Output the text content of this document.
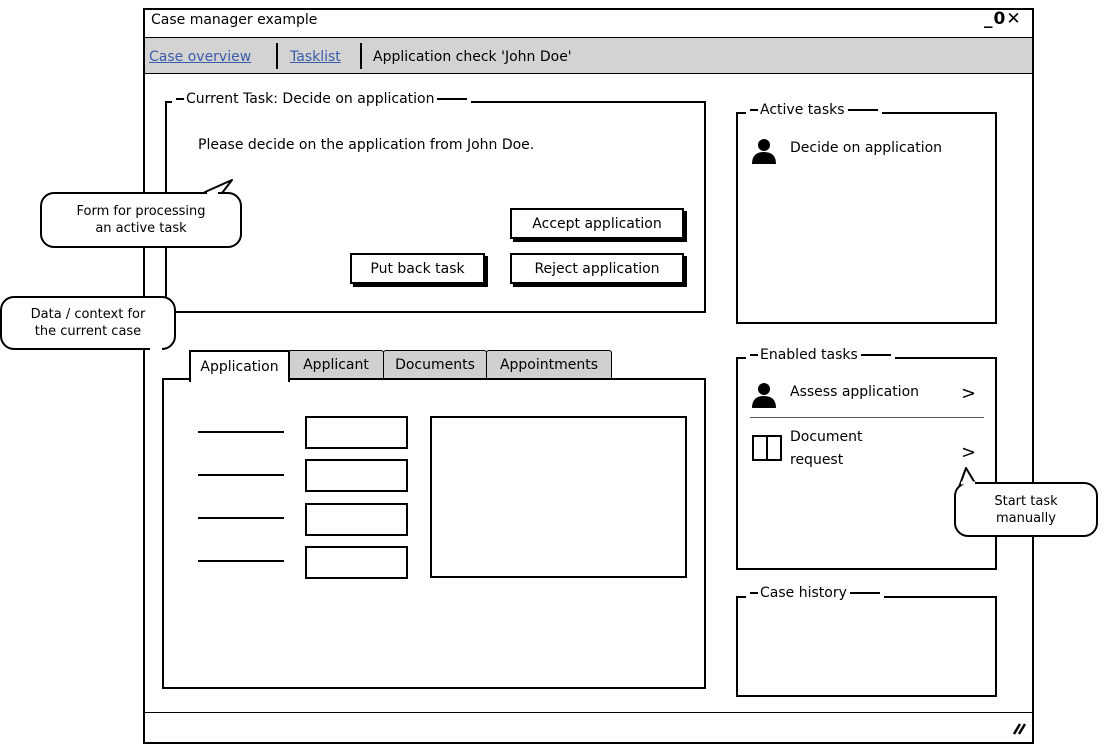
Case manager example	_0✕
Case overview	Tasklist Application check 'John Doe'
Current Task: Decide on application
Please decide on the application from John Doe.
Accept application
Put back task	Reject application
Active tasks
Decide on application
Enabled tasks
Assess application >
Document
request	>
Case history
Applicant	Documents	Appointments
Application
Form for processing
an active task
Data / context for
the current case
Start task
manually
